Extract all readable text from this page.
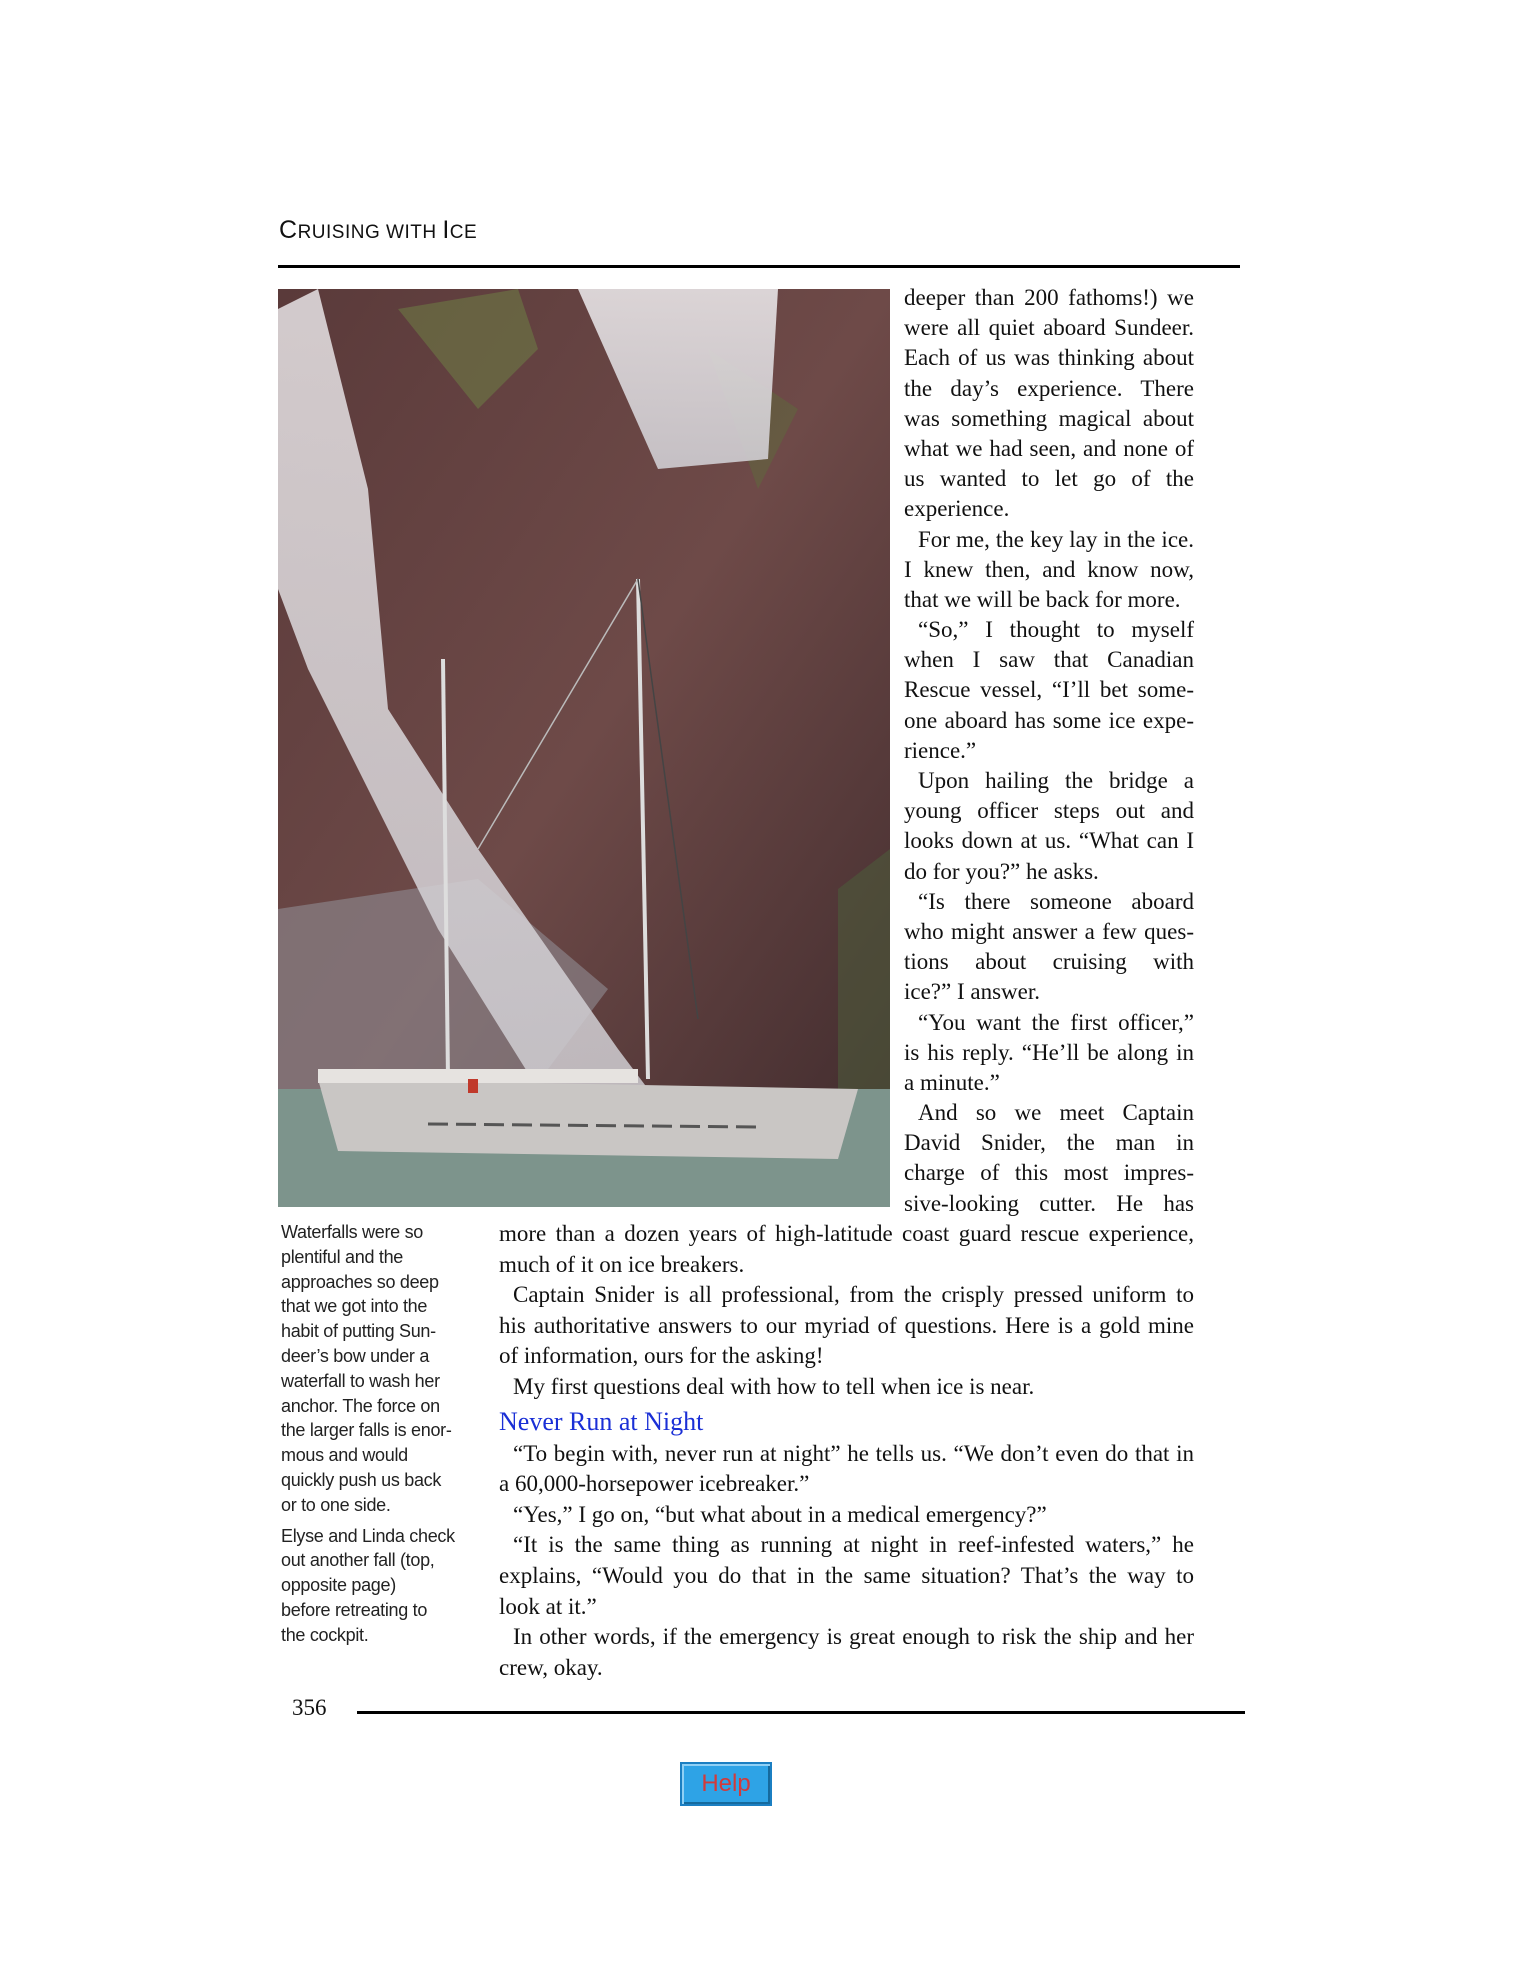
CRUISING WITH ICE
deeper than 200 fathoms!) we
were all quiet aboard Sundeer.
Each of us was thinking about
the day’s experience. There
was something magical about
what we had seen, and none of
us wanted to let go of the
experience.
For me, the key lay in the ice.
I knew then, and know now,
that we will be back for more.
“So,” I thought to myself
when I saw that Canadian
Rescue vessel, “I’ll bet some-
one aboard has some ice expe-
rience.”
Upon hailing the bridge a
young officer steps out and
looks down at us. “What can I
do for you?” he asks.
“Is there someone aboard
who might answer a few ques-
tions about cruising with
ice?” I answer.
“You want the first officer,”
is his reply. “He’ll be along in
a minute.”
And so we meet Captain
David Snider, the man in
charge of this most impres-
sive-looking cutter. He has
more than a dozen years of high-latitude coast guard rescue experience,
much of it on ice breakers.
Captain Snider is all professional, from the crisply pressed uniform to
his authoritative answers to our myriad of questions. Here is a gold mine
of information, ours for the asking!
My first questions deal with how to tell when ice is near.
Never Run at Night
“To begin with, never run at night” he tells us. “We don’t even do that in
a 60,000-horsepower icebreaker.”
“Yes,” I go on, “but what about in a medical emergency?”
“It is the same thing as running at night in reef-infested waters,” he
explains, “Would you do that in the same situation? That’s the way to
look at it.”
In other words, if the emergency is great enough to risk the ship and her
crew, okay.
Waterfalls were so
plentiful and the
approaches so deep
that we got into the
habit of putting Sun-
deer’s bow under a
waterfall to wash her
anchor. The force on
the larger falls is enor-
mous and would
quickly push us back
or to one side.
Elyse and Linda check
out another fall (top,
opposite page)
before retreating to
the cockpit.
356
Help
